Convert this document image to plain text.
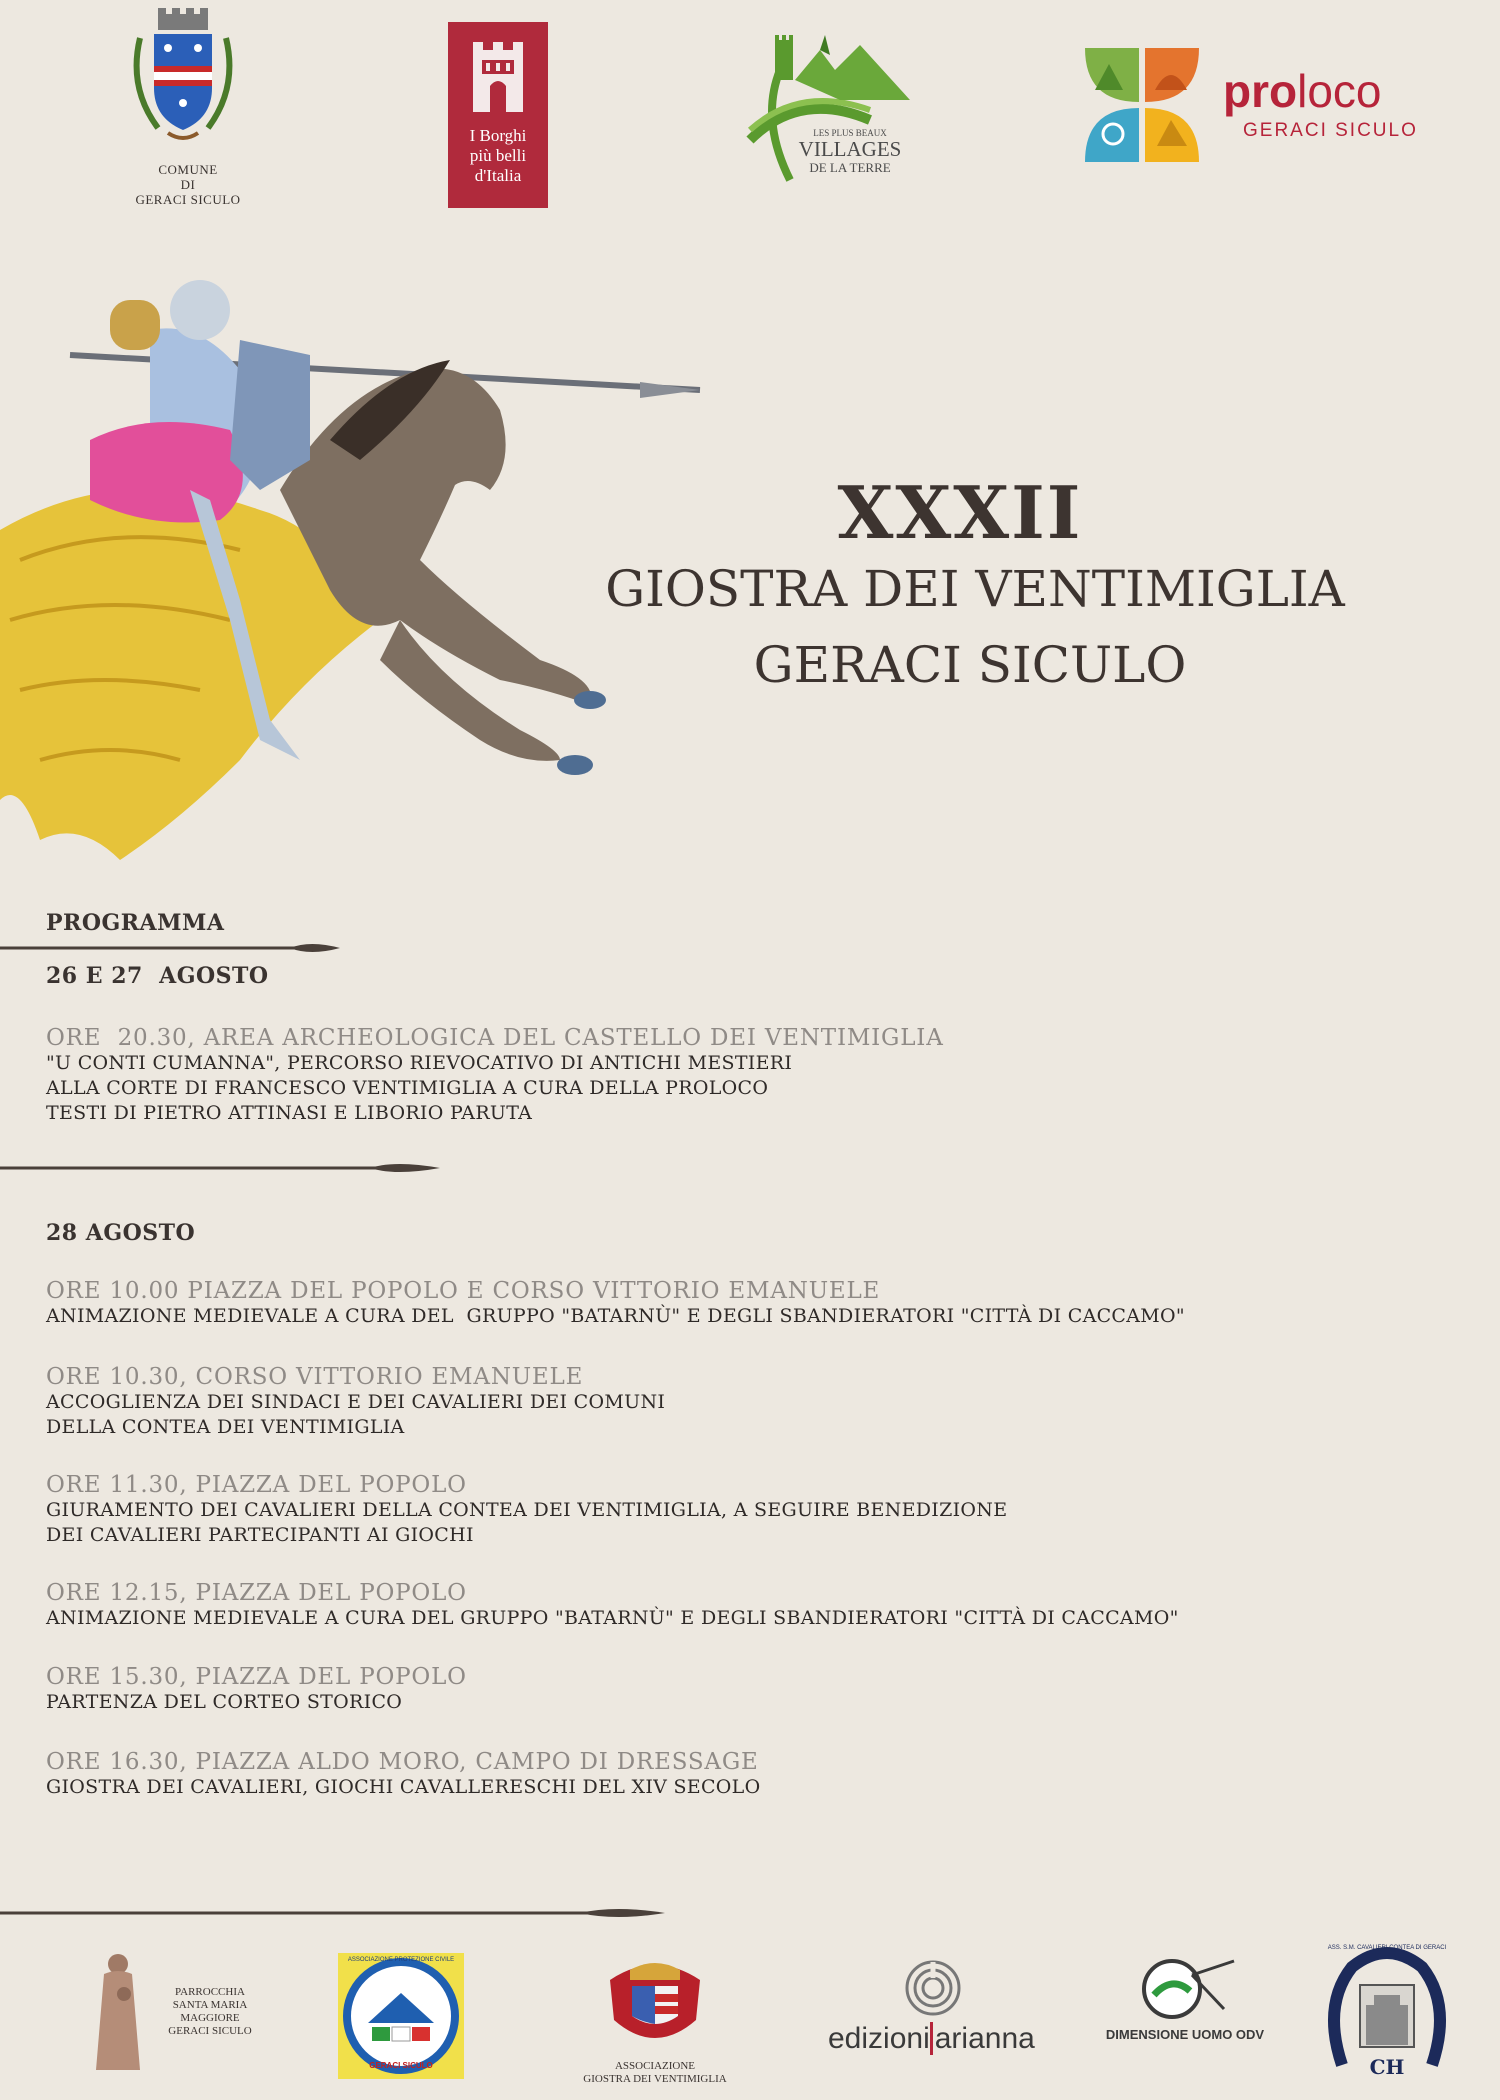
COMUNE
DI
GERACI SICULO
I Borghi
più belli
d'Italia
LES PLUS BEAUX
VILLAGES
DE LA TERRE
proloco
GERACI SICULO
XXXII
GIOSTRA DEI VENTIMIGLIA
GERACI SICULO
PROGRAMMA
26 E 27  AGOSTO
ORE  20.30, AREA ARCHEOLOGICA DEL CASTELLO DEI VENTIMIGLIA
"U CONTI CUMANNA", PERCORSO RIEVOCATIVO DI ANTICHI MESTIERI
ALLA CORTE DI FRANCESCO VENTIMIGLIA A CURA DELLA PROLOCO
TESTI DI PIETRO ATTINASI E LIBORIO PARUTA
28 AGOSTO
ORE 10.00 PIAZZA DEL POPOLO E CORSO VITTORIO EMANUELE
ANIMAZIONE MEDIEVALE A CURA DEL  GRUPPO "BATARNÙ" E DEGLI SBANDIERATORI "CITTÀ DI CACCAMO"
ORE 10.30, CORSO VITTORIO EMANUELE
ACCOGLIENZA DEI SINDACI E DEI CAVALIERI DEI COMUNI
DELLA CONTEA DEI VENTIMIGLIA
ORE 11.30, PIAZZA DEL POPOLO
GIURAMENTO DEI CAVALIERI DELLA CONTEA DEI VENTIMIGLIA, A SEGUIRE BENEDIZIONE
DEI CAVALIERI PARTECIPANTI AI GIOCHI
ORE 12.15, PIAZZA DEL POPOLO
ANIMAZIONE MEDIEVALE A CURA DEL GRUPPO "BATARNÙ" E DEGLI SBANDIERATORI "CITTÀ DI CACCAMO"
ORE 15.30, PIAZZA DEL POPOLO
PARTENZA DEL CORTEO STORICO
ORE 16.30, PIAZZA ALDO MORO, CAMPO DI DRESSAGE
GIOSTRA DEI CAVALIERI, GIOCHI CAVALLERESCHI DEL XIV SECOLO
PARROCCHIA
SANTA MARIA
MAGGIORE
GERACI SICULO
ASSOCIAZIONE PROTEZIONE CIVILE
GERACI SICULO	ASSOCIAZIONE
GIOSTRA DEI VENTIMIGLIA
edizioni arianna	DIMENSIONE UOMO ODV
CH
ASS. S.M. CAVALIERI CONTEA DI GERACI
